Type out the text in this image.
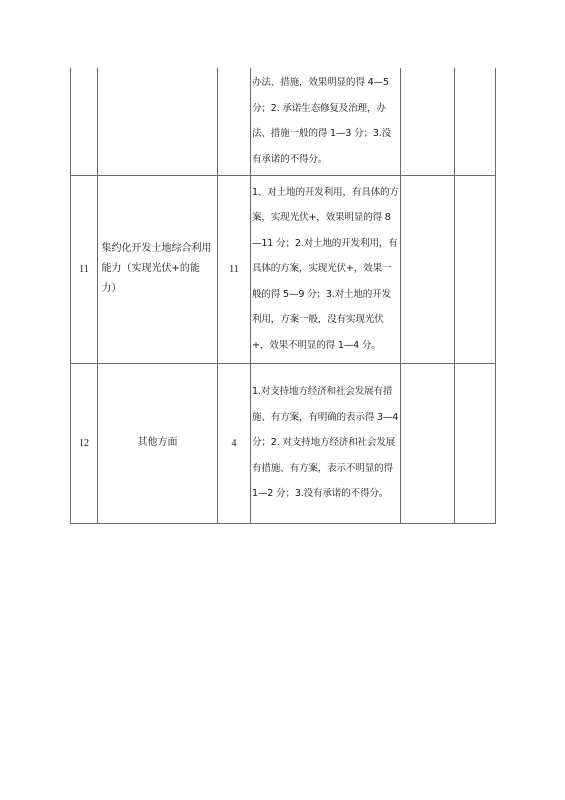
			办法、措施，效果明显的得 4—5 分；2. 承诺生态修复及治理，办法、措施一般的得 1—3 分；3.没有承诺的不得分。		

11	集约化开发土地综合利用能力（实现光伏+的能力）	11	1、对土地的开发利用，有具体的方案，实现光伏+，效果明显的得 8—11 分；2.对土地的开发利用，有具体的方案，实现光伏+，效果一般的得 5—9 分；3.对土地的开发利用，方案一般，没有实现光伏+，效果不明显的得 1—4 分。		

12	其他方面	4	1.对支持地方经济和社会发展有措施、有方案，有明确的表示得 3—4 分；2. 对支持地方经济和社会发展有措施、有方案，表示不明显的得 1—2 分；3.没有承诺的不得分。		
